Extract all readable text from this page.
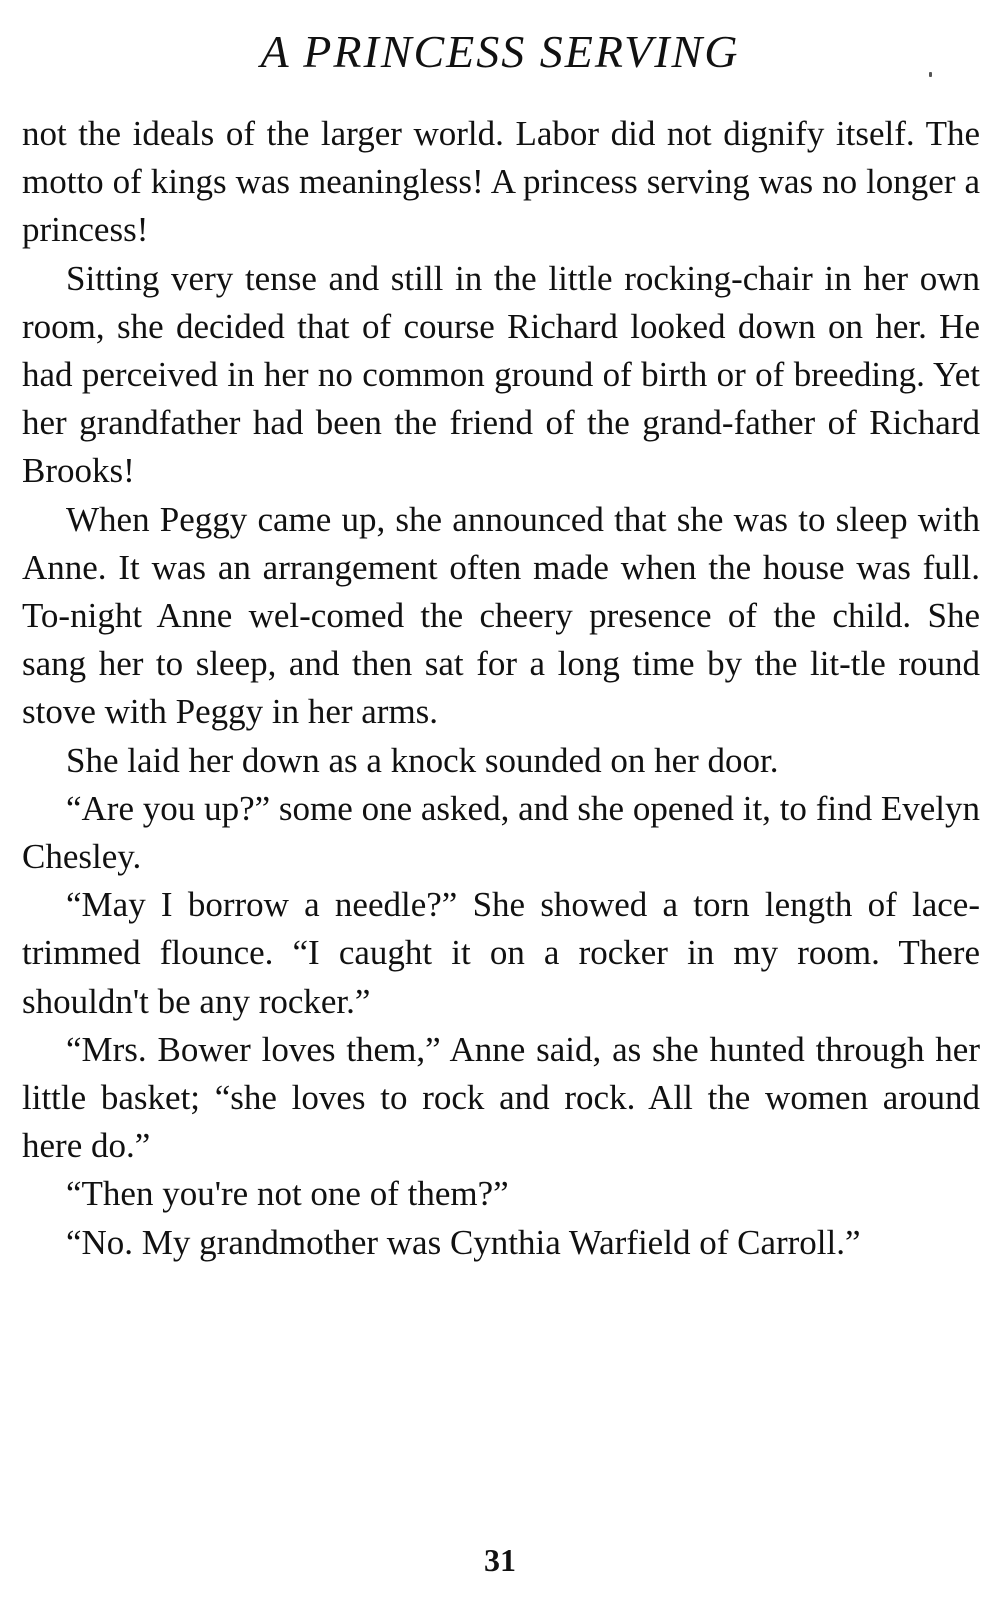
A PRINCESS SERVING

not the ideals of the larger world. Labor did not dignify itself. The motto of kings was meaningless! A princess serving was no longer a princess!

Sitting very tense and still in the little rocking-chair in her own room, she decided that of course Richard looked down on her. He had perceived in her no common ground of birth or of breeding. Yet her grandfather had been the friend of the grand-father of Richard Brooks!

When Peggy came up, she announced that she was to sleep with Anne. It was an arrangement often made when the house was full. To-night Anne wel-comed the cheery presence of the child. She sang her to sleep, and then sat for a long time by the lit-tle round stove with Peggy in her arms.

She laid her down as a knock sounded on her door.

“Are you up?” some one asked, and she opened it, to find Evelyn Chesley.

“May I borrow a needle?” She showed a torn length of lace-trimmed flounce. “I caught it on a rocker in my room. There shouldn't be any rocker.”

“Mrs. Bower loves them,” Anne said, as she hunted through her little basket; “she loves to rock and rock. All the women around here do.”

“Then you're not one of them?”

“No. My grandmother was Cynthia Warfield of Carroll.”

31
